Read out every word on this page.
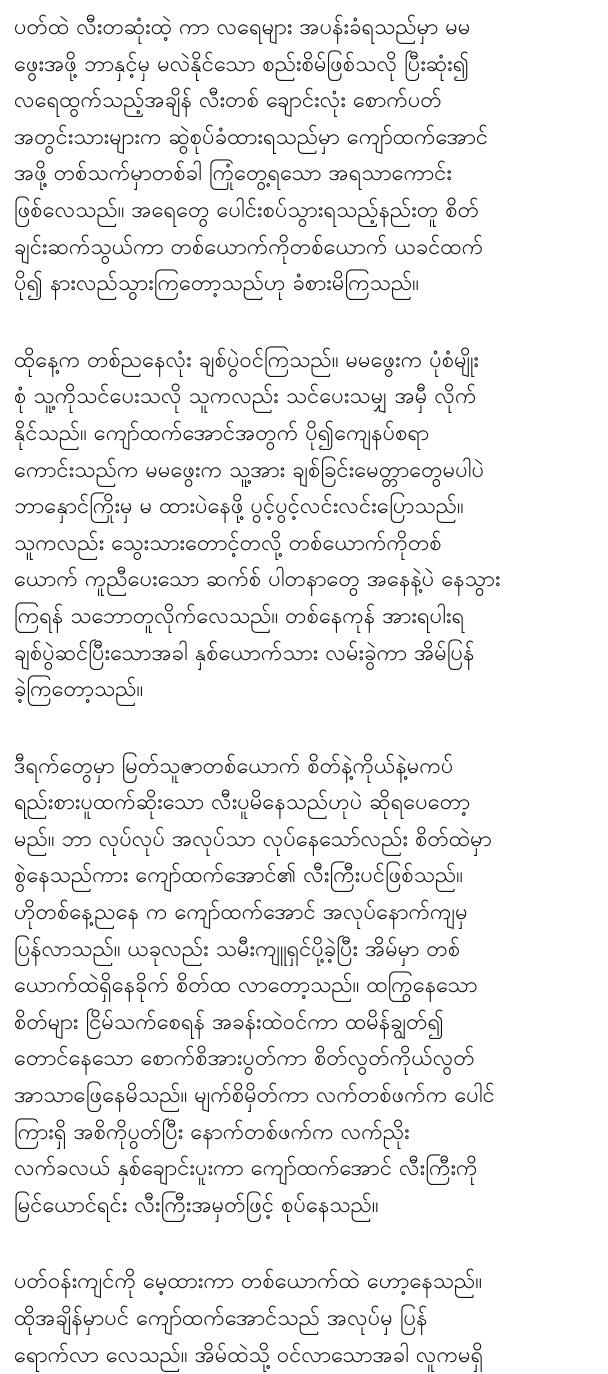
ပတ်ထဲ လီးတဆုံးထဲ့ ကာ လရေများ အပန်းခံရသည်မှာ မမ
ဖွေးအဖို့ ဘာနှင့်မှ မလဲနိုင်သော စည်းစိမ်ဖြစ်သလို ပြီးဆုံး၍
လရေထွက်သည့်အချိန် လီးတစ် ချောင်းလုံး စောက်ပတ်
အတွင်းသားများက ဆွဲစုပ်ခံထားရသည်မှာ ကျော်ထက်အောင်
အဖို့ တစ်သက်မှာတစ်ခါ ကြုံတွေ့ရသော အရသာကောင်း
ဖြစ်လေသည်။ အရေတွေ ပေါင်းစပ်သွားရသည့်နည်းတူ စိတ်
ချင်းဆက်သွယ်ကာ တစ်ယောက်ကိုတစ်ယောက် ယခင်ထက်
ပို၍ နားလည်သွားကြတော့သည်ဟု ခံစားမိကြသည်။
ထိုနေ့က တစ်ညနေလုံး ချစ်ပွဲဝင်ကြသည်။ မမဖွေးက ပုံစံမျိုး
စုံ သူ့ကိုသင်ပေးသလို သူကလည်း သင်ပေးသမျှ အမှီ လိုက်
နိုင်သည်။ ကျော်ထက်အောင်အတွက် ပို၍ကျေနပ်စရာ
ကောင်းသည်က မမဖွေးက သူ့အား ချစ်ခြင်းမေတ္တာတွေမပါပဲ
ဘာနှောင်ကြိုးမှ မ ထားပဲနေဖို့ ပွင့်ပွင့်လင်းလင်းပြောသည်။
သူကလည်း သွေးသားတောင့်တလို့ တစ်ယောက်ကိုတစ်
ယောက် ကူညီပေးသော ဆက်စ် ပါတနာတွေ အနေနဲ့ပဲ နေသွား
ကြရန် သဘောတူလိုက်လေသည်။ တစ်နေကုန် အားရပါးရ
ချစ်ပွဲဆင်ပြီးသောအခါ နှစ်ယောက်သား လမ်းခွဲကာ အိမ်ပြန်
ခဲ့ကြတော့သည်။
ဒီရက်တွေမှာ မြတ်သူဇာတစ်ယောက် စိတ်နဲ့ကိုယ်နဲ့မကပ်
ရည်းစားပူထက်ဆိုးသော လီးပူမိနေသည်ဟုပဲ ဆိုရပေတော့
မည်။ ဘာ လုပ်လုပ် အလုပ်သာ လုပ်နေသော်လည်း စိတ်ထဲမှာ
စွဲနေသည်ကား ကျော်ထက်အောင်၏ လီးကြီးပင်ဖြစ်သည်။
ဟိုတစ်နေ့ညနေ က ကျော်ထက်အောင် အလုပ်နောက်ကျမှ
ပြန်လာသည်။ ယခုလည်း သမီးကျူရှင်ပို့ခဲ့ပြီး အိမ်မှာ တစ်
ယောက်ထဲရှိနေခိုက် စိတ်ထ လာတော့သည်။ ထကြွနေသော
စိတ်များ ငြိမ်သက်စေရန် အခန်းထဲဝင်ကာ ထမိန်ချွတ်၍
တောင်နေသော စောက်စိအားပွတ်ကာ စိတ်လွတ်ကိုယ်လွတ်
အာသာဖြေနေမိသည်။ မျက်စိမှိတ်ကာ လက်တစ်ဖက်က ပေါင်
ကြားရှိ အစိကိုပွတ်ပြီး နောက်တစ်ဖက်က လက်ညိုး
လက်ခလယ် နှစ်ချောင်းပူးကာ ကျော်ထက်အောင် လီးကြီးကို
မြင်ယောင်ရင်း လီးကြီးအမှတ်ဖြင့် စုပ်နေသည်။
ပတ်ဝန်းကျင်ကို မေ့ထားကာ တစ်ယောက်ထဲ ဟော့နေသည်။
ထိုအချိန်မှာပင် ကျော်ထက်အောင်သည် အလုပ်မှ ပြန်
ရောက်လာ လေသည်။ အိမ်ထဲသို့ ဝင်လာသောအခါ လူကမရှိ
